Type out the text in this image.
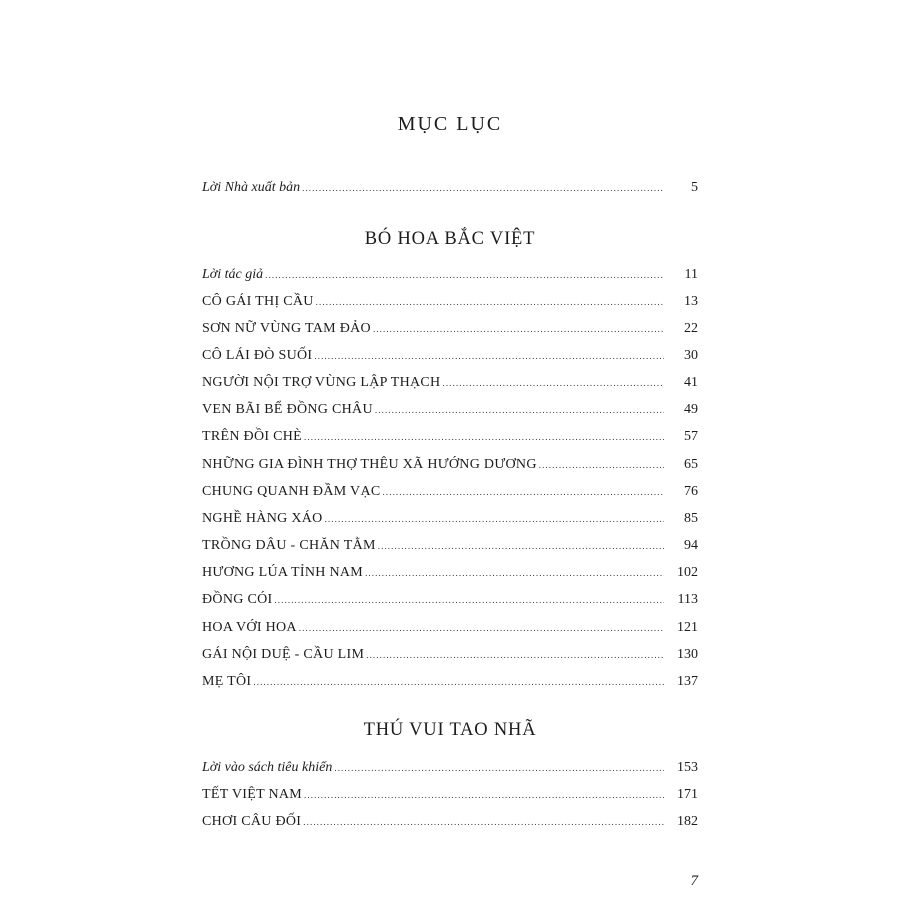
MỤC LỤC
Lời Nhà xuất bản .....	5
BÓ HOA BẮC VIỆT
Lời tác giả .....	11
CÔ GÁI THỊ CẦU .....	13
SƠN NỮ VÙNG TAM ĐẢO .....	22
CÔ LÁI ĐÒ SUỐI .....	30
NGƯỜI NỘI TRỢ VÙNG LẬP THẠCH .....	41
VEN BÃI BỂ ĐỒNG CHÂU .....	49
TRÊN ĐỒI CHÈ .....	57
NHỮNG GIA ĐÌNH THỢ THÊU XÃ HƯỚNG DƯƠNG .....	65
CHUNG QUANH ĐẦM VẠC .....	76
NGHỀ HÀNG XÁO .....	85
TRỒNG DÂU - CHĂN TẰM .....	94
HƯƠNG LÚA TỈNH NAM .....	102
ĐỒNG CÓI .....	113
HOA VỚI HOA .....	121
GÁI NỘI DUỆ - CẦU LIM .....	130
MẸ TÔI .....	137
THÚ VUI TAO NHÃ
Lời vào sách tiêu khiển .....	153
TẾT VIỆT NAM .....	171
CHƠI CÂU ĐỐI .....	182
7
